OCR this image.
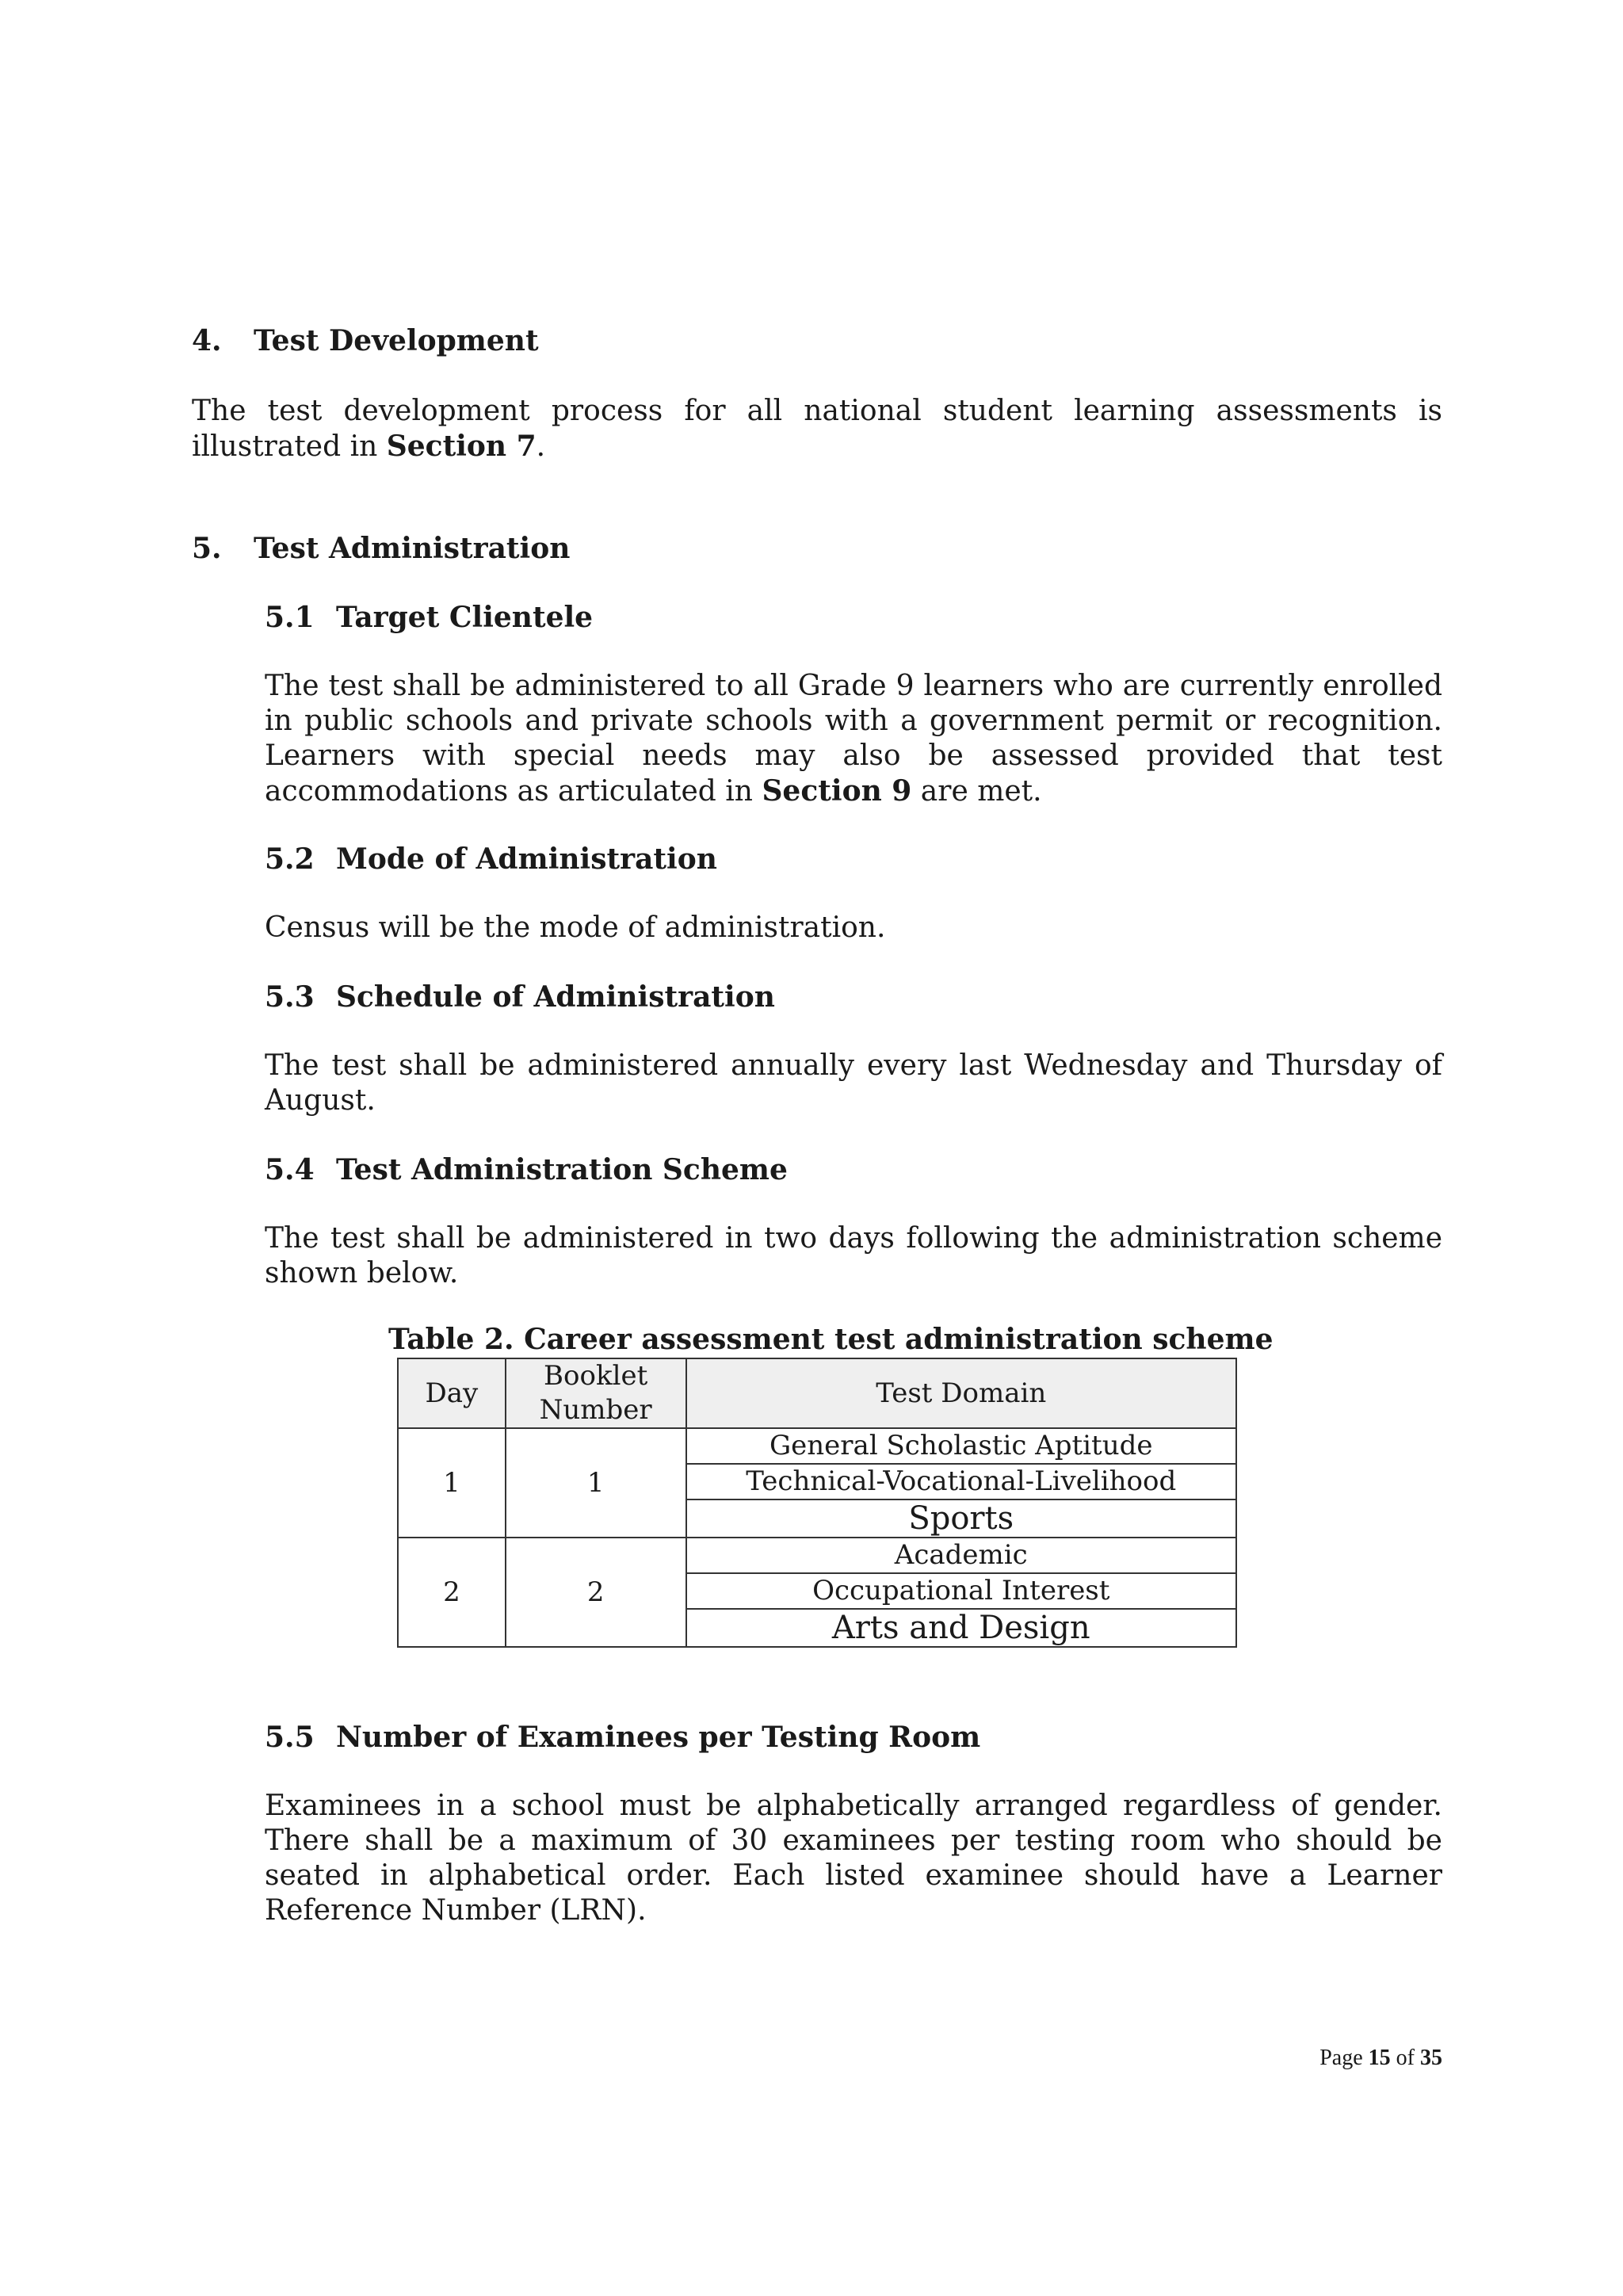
4. Test Development
The test development process for all national student learning assessments is illustrated in Section 7.
5. Test Administration
5.1 Target Clientele
The test shall be administered to all Grade 9 learners who are currently enrolled in public schools and private schools with a government permit or recognition. Learners with special needs may also be assessed provided that test accommodations as articulated in Section 9 are met.
5.2 Mode of Administration
Census will be the mode of administration.
5.3 Schedule of Administration
The test shall be administered annually every last Wednesday and Thursday of August.
5.4 Test Administration Scheme
The test shall be administered in two days following the administration scheme shown below.
Table 2. Career assessment test administration scheme
Day	Booklet Number	Test Domain
1	1	General Scholastic Aptitude
		Technical-Vocational-Livelihood
		Sports
2	2	Academic
		Occupational Interest
		Arts and Design
5.5 Number of Examinees per Testing Room
Examinees in a school must be alphabetically arranged regardless of gender. There shall be a maximum of 30 examinees per testing room who should be seated in alphabetical order. Each listed examinee should have a Learner Reference Number (LRN).
Page 15 of 35
